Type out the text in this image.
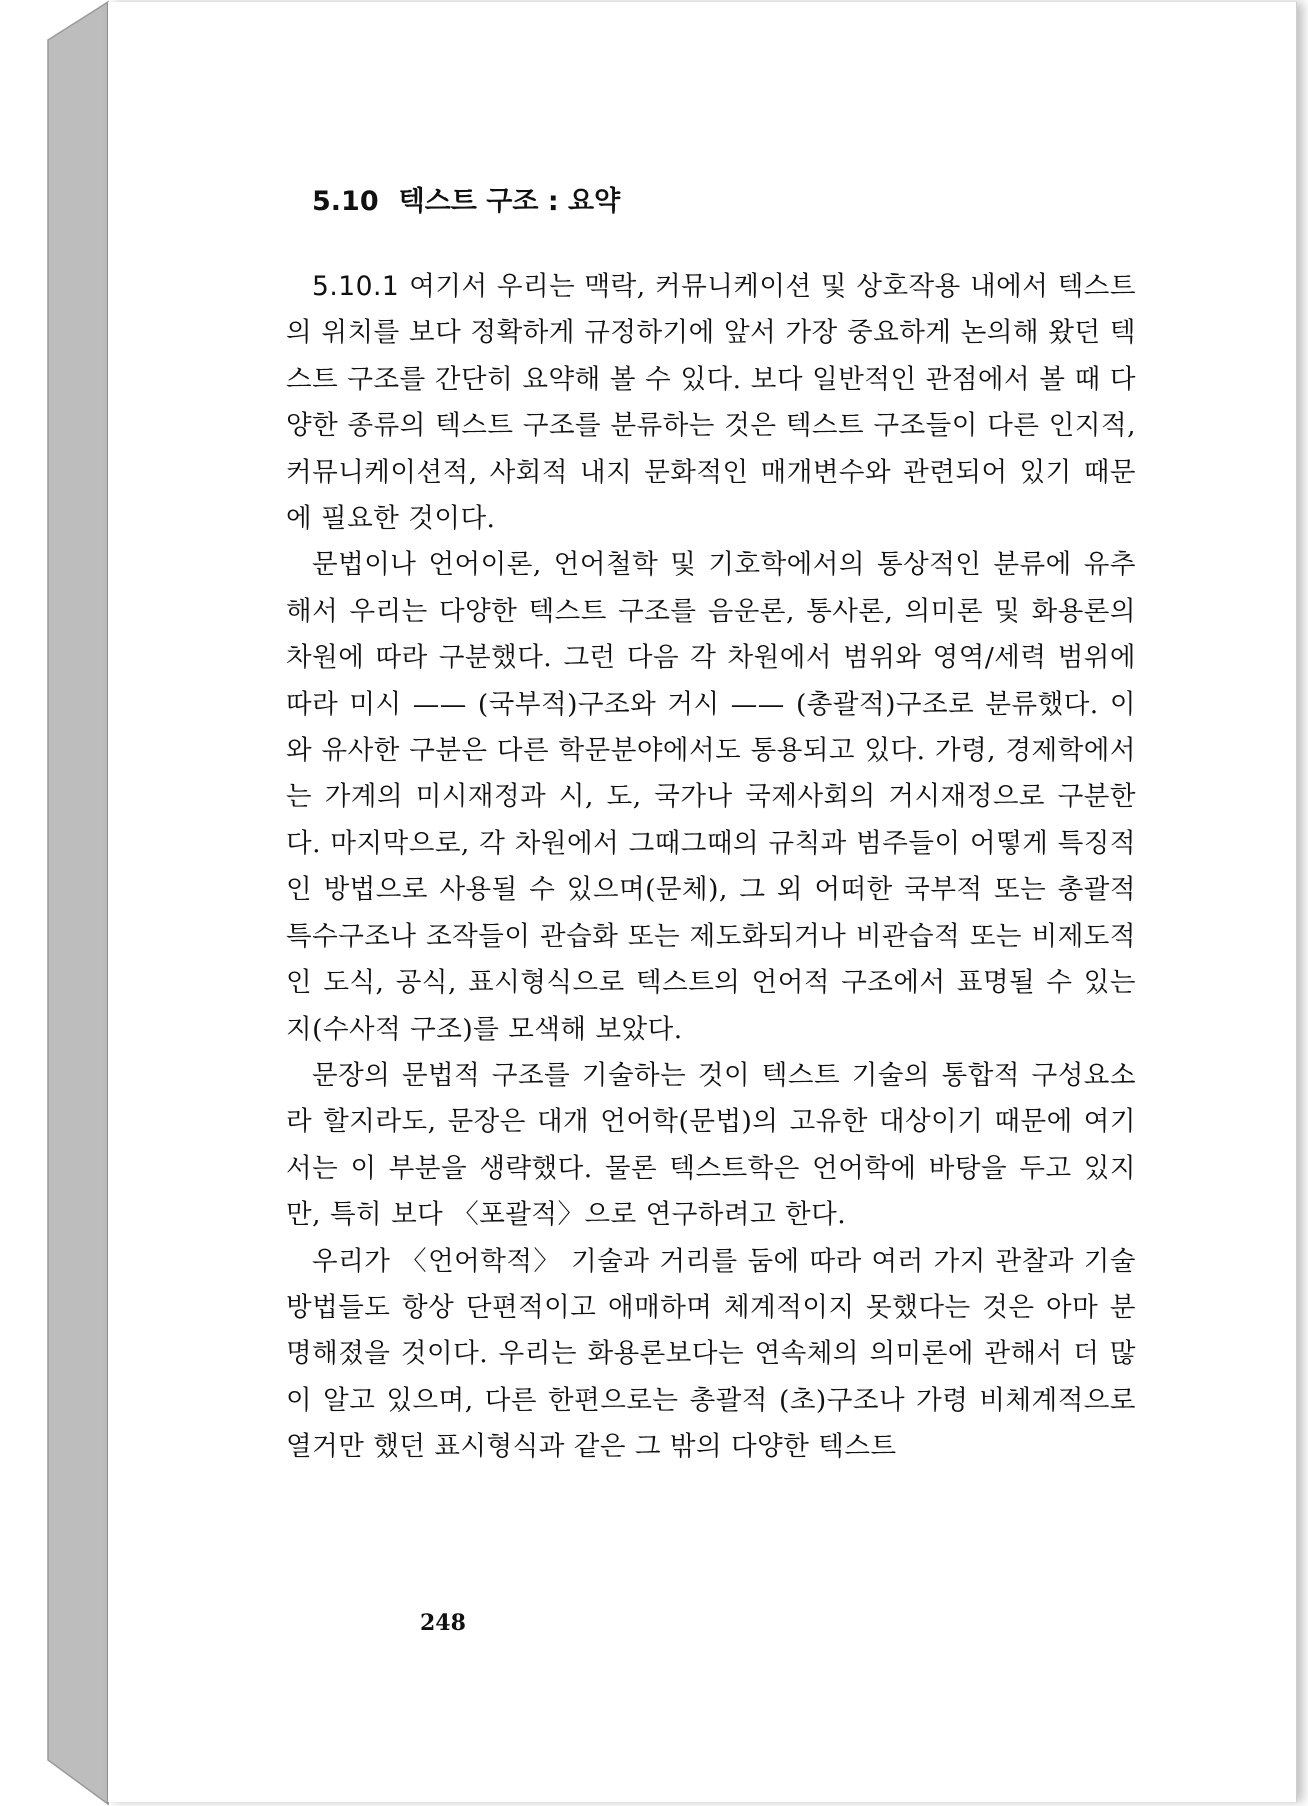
5.10 텍스트 구조 : 요약

5.10.1 여기서 우리는 맥락, 커뮤니케이션 및 상호작용 내에서 텍스트의 위치를 보다 정확하게 규정하기에 앞서 가장 중요하게 논의해 왔던 텍스트 구조를 간단히 요약해 볼 수 있다. 보다 일반적인 관점에서 볼 때 다양한 종류의 텍스트 구조를 분류하는 것은 텍스트 구조들이 다른 인지적, 커뮤니케이션적, 사회적 내지 문화적인 매개변수와 관련되어 있기 때문에 필요한 것이다.

문법이나 언어이론, 언어철학 및 기호학에서의 통상적인 분류에 유추해서 우리는 다양한 텍스트 구조를 음운론, 통사론, 의미론 및 화용론의 차원에 따라 구분했다. 그런 다음 각 차원에서 범위와 영역/세력 범위에 따라 미시 —— (국부적)구조와 거시 —— (총괄적)구조로 분류했다. 이와 유사한 구분은 다른 학문분야에서도 통용되고 있다. 가령, 경제학에서는 가계의 미시재정과 시, 도, 국가나 국제사회의 거시재정으로 구분한다. 마지막으로, 각 차원에서 그때그때의 규칙과 범주들이 어떻게 특징적인 방법으로 사용될 수 있으며(문체), 그 외 어떠한 국부적 또는 총괄적 특수구조나 조작들이 관습화 또는 제도화되거나 비관습적 또는 비제도적인 도식, 공식, 표시형식으로 텍스트의 언어적 구조에서 표명될 수 있는지(수사적 구조)를 모색해 보았다.

문장의 문법적 구조를 기술하는 것이 텍스트 기술의 통합적 구성요소라 할지라도, 문장은 대개 언어학(문법)의 고유한 대상이기 때문에 여기서는 이 부분을 생략했다. 물론 텍스트학은 언어학에 바탕을 두고 있지만, 특히 보다 〈포괄적〉으로 연구하려고 한다.

우리가 〈언어학적〉 기술과 거리를 둠에 따라 여러 가지 관찰과 기술방법들도 항상 단편적이고 애매하며 체계적이지 못했다는 것은 아마 분명해졌을 것이다. 우리는 화용론보다는 연속체의 의미론에 관해서 더 많이 알고 있으며, 다른 한편으로는 총괄적 (초)구조나 가령 비체계적으로 열거만 했던 표시형식과 같은 그 밖의 다양한 텍스트

248
